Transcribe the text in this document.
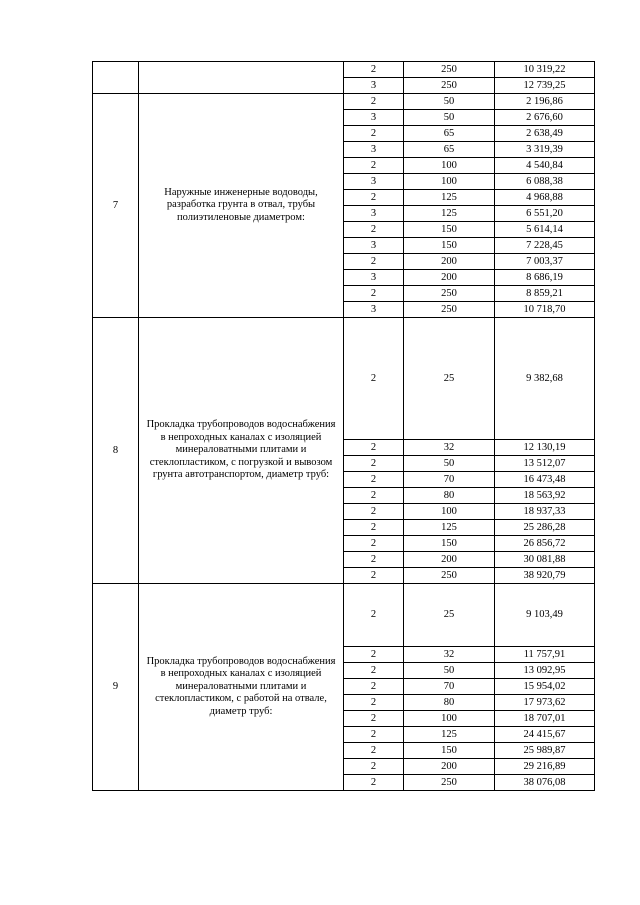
		2	250	10 319,22
		3	250	12 739,25
7	Наружные инженерные водоводы, разработка грунта в отвал, трубы полиэтиленовые диаметром:	2	50	2 196,86
		3	50	2 676,60
		2	65	2 638,49
		3	65	3 319,39
		2	100	4 540,84
		3	100	6 088,38
		2	125	4 968,88
		3	125	6 551,20
		2	150	5 614,14
		3	150	7 228,45
		2	200	7 003,37
		3	200	8 686,19
		2	250	8 859,21
		3	250	10 718,70
8	Прокладка трубопроводов водоснабжения в непроходных каналах с изоляцией минераловатными плитами и стеклопластиком, с погрузкой и вывозом грунта автотранспортом, диаметр труб:	2	25	9 382,68
		2	32	12 130,19
		2	50	13 512,07
		2	70	16 473,48
		2	80	18 563,92
		2	100	18 937,33
		2	125	25 286,28
		2	150	26 856,72
		2	200	30 081,88
		2	250	38 920,79
9	Прокладка трубопроводов водоснабжения в непроходных каналах с изоляцией минераловатными плитами и стеклопластиком, с работой на отвале, диаметр труб:	2	25	9 103,49
		2	32	11 757,91
		2	50	13 092,95
		2	70	15 954,02
		2	80	17 973,62
		2	100	18 707,01
		2	125	24 415,67
		2	150	25 989,87
		2	200	29 216,89
		2	250	38 076,08
